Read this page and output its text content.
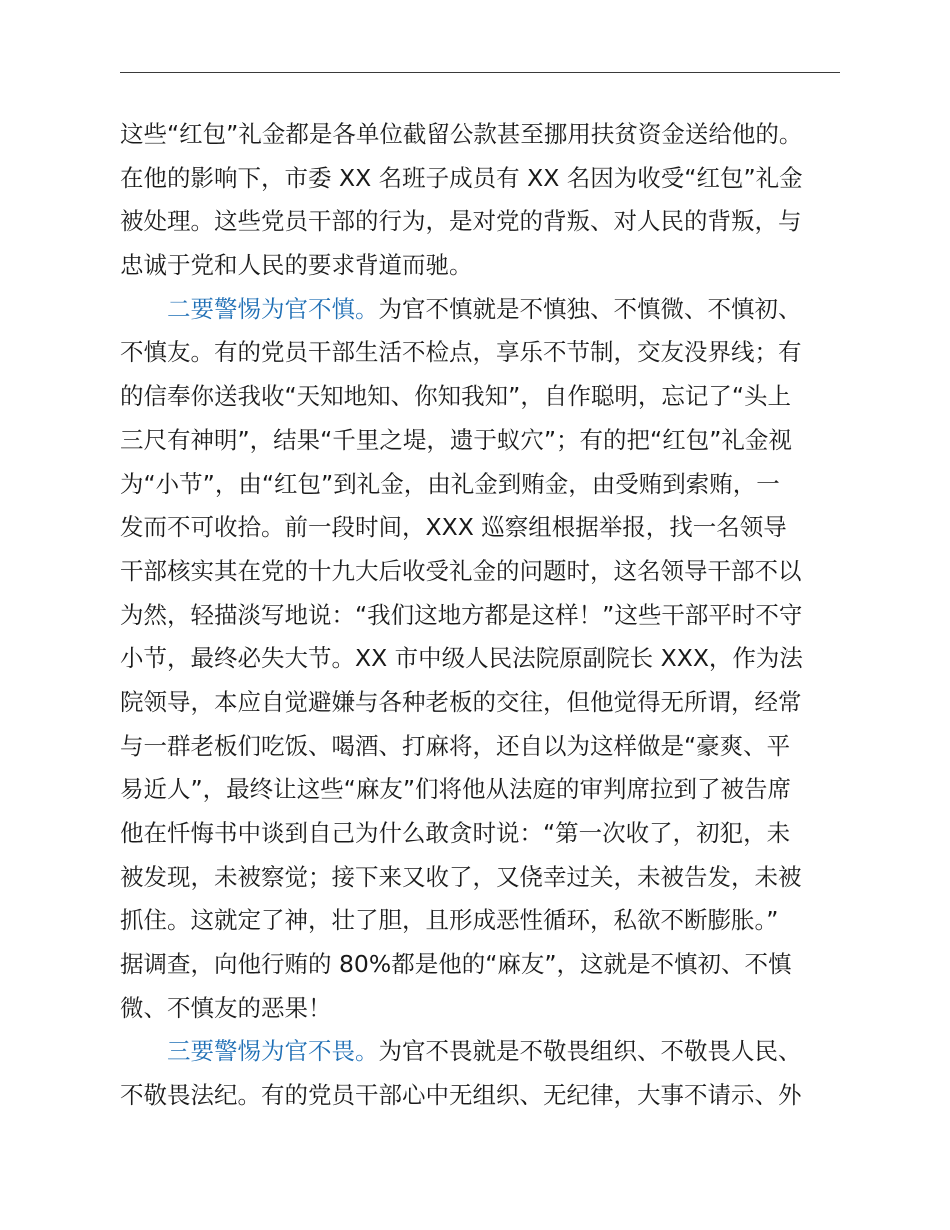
这些“红包”礼金都是各单位截留公款甚至挪用扶贫资金送给他的。
在他的影响下，市委 XX 名班子成员有 XX 名因为收受“红包”礼金
被处理。这些党员干部的行为，是对党的背叛、对人民的背叛，与
忠诚于党和人民的要求背道而驰。
二要警惕为官不慎。为官不慎就是不慎独、不慎微、不慎初、
不慎友。有的党员干部生活不检点，享乐不节制，交友没界线；有
的信奉你送我收“天知地知、你知我知”，自作聪明，忘记了“头上
三尺有神明”，结果“千里之堤，遗于蚁穴”；有的把“红包”礼金视
为“小节”，由“红包”到礼金，由礼金到贿金，由受贿到索贿，一
发而不可收拾。前一段时间，XXX 巡察组根据举报，找一名领导
干部核实其在党的十九大后收受礼金的问题时，这名领导干部不以
为然，轻描淡写地说：“我们这地方都是这样！”这些干部平时不守
小节，最终必失大节。XX 市中级人民法院原副院长 XXX，作为法
院领导，本应自觉避嫌与各种老板的交往，但他觉得无所谓，经常
与一群老板们吃饭、喝酒、打麻将，还自以为这样做是“豪爽、平
易近人”，最终让这些“麻友”们将他从法庭的审判席拉到了被告席
他在忏悔书中谈到自己为什么敢贪时说：“第一次收了，初犯，未
被发现，未被察觉；接下来又收了，又侥幸过关，未被告发，未被
抓住。这就定了神，壮了胆，且形成恶性循环，私欲不断膨胀。”
据调查，向他行贿的 80%都是他的“麻友”，这就是不慎初、不慎
微、不慎友的恶果！
三要警惕为官不畏。为官不畏就是不敬畏组织、不敬畏人民、
不敬畏法纪。有的党员干部心中无组织、无纪律，大事不请示、外
